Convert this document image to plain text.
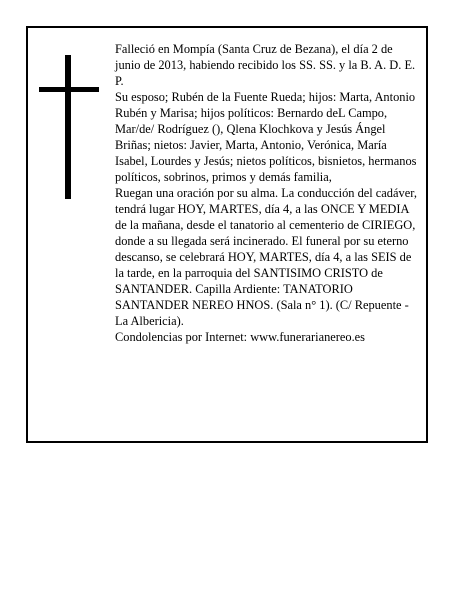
Falleció en Mompía (Santa Cruz de Bezana), el día 2 de junio de 2013, habiendo recibido los SS. SS. y la B. A. D. E. P.

Su esposo; Rubén de la Fuente Rueda; hijos: Marta, Antonio Rubén y Marisa; hijos políticos: Bernardo deL Campo, Mar/de/ Rodríguez (), Qlena Klochkova y Jesús Ángel Briñas; nietos: Javier, Marta, Antonio, Verónica, María Isabel, Lourdes y Jesús; nietos políticos, bisnietos, hermanos políticos, sobrinos, primos y demás familia,

Ruegan una oración por su alma. La conducción del cadáver, tendrá lugar HOY, MARTES, día 4, a las ONCE Y MEDIA de la mañana, desde el tanatorio al cementerio de CIRIEGO, donde a su llegada será incinerado. El funeral por su eterno descanso, se celebrará HOY, MARTES, día 4, a las SEIS de la tarde, en la parroquia del SANTISIMO CRISTO de SANTANDER. Capilla Ardiente: TANATORIO SANTANDER NEREO HNOS. (Sala n° 1). (C/ Repuente - La Albericia).

Condolencias por Internet: www.funerarianereo.es
